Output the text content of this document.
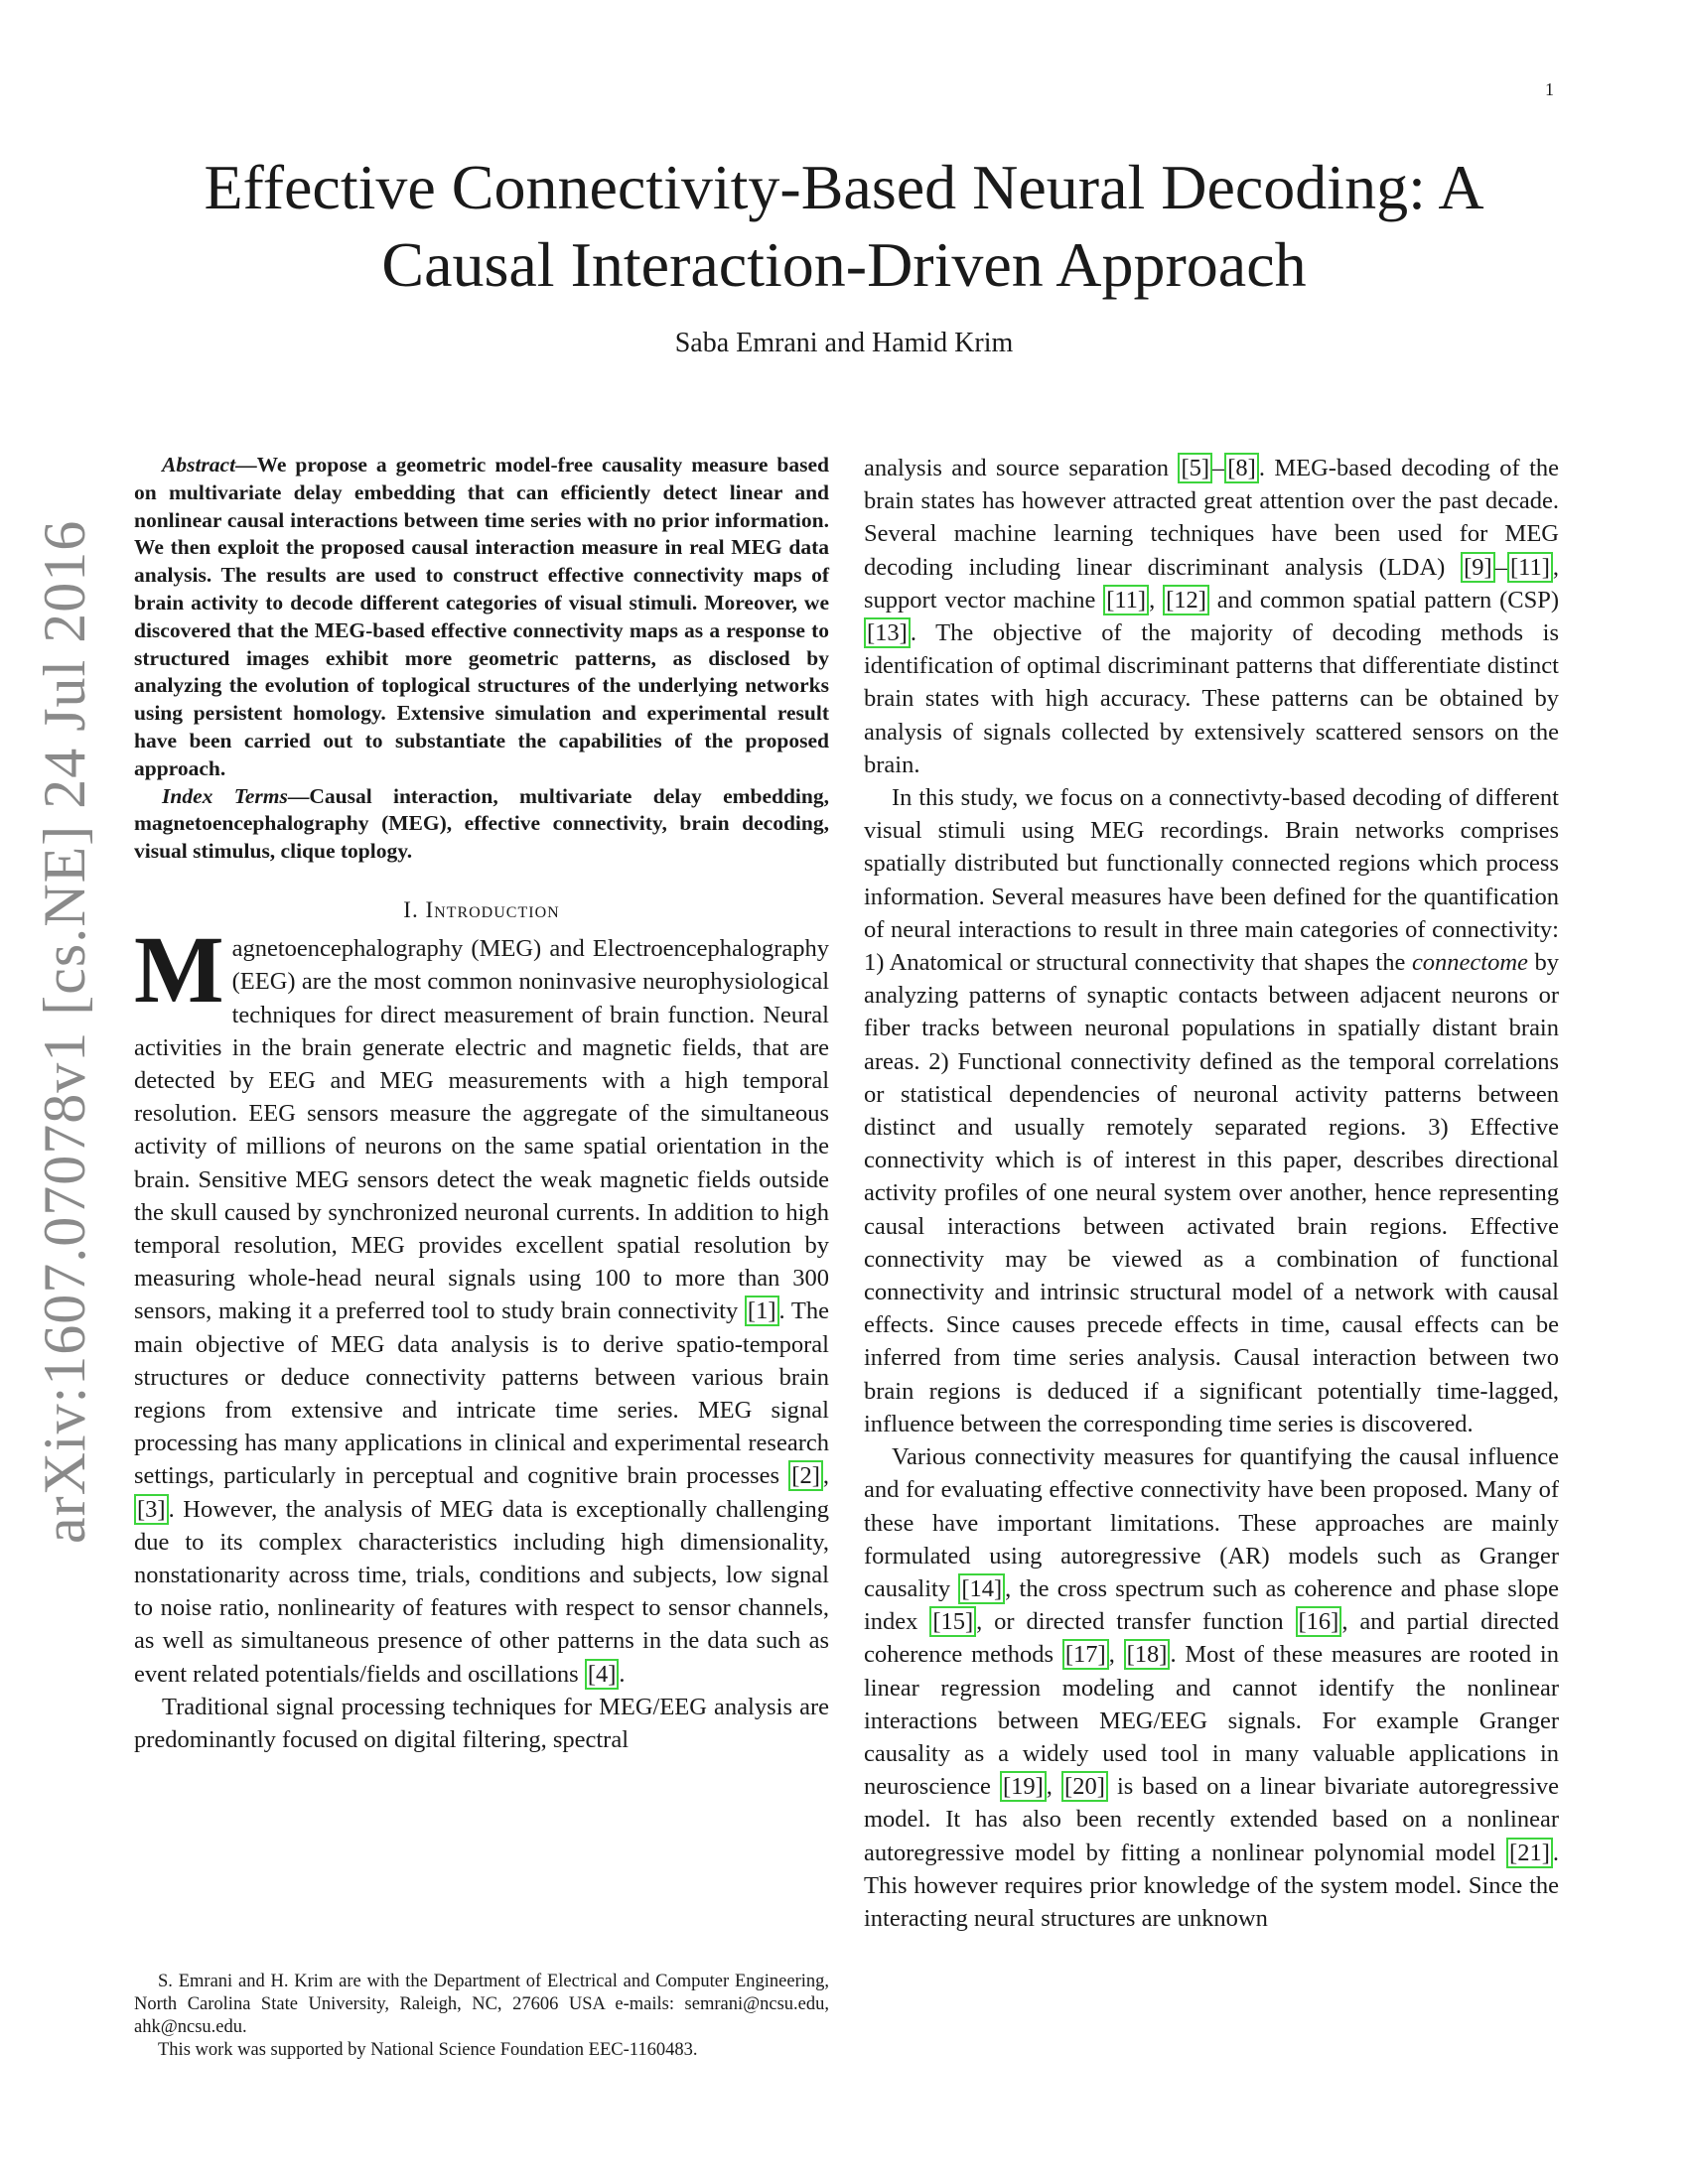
1
arXiv:1607.07078v1 [cs.NE] 24 Jul 2016
Effective Connectivity-Based Neural Decoding: A
Causal Interaction-Driven Approach
Saba Emrani and Hamid Krim

Abstract—We propose a geometric model-free causality measure based on multivariate delay embedding that can efficiently detect linear and nonlinear causal interactions between time series with no prior information. We then exploit the proposed causal interaction measure in real MEG data analysis. The results are used to construct effective connectivity maps of brain activity to decode different categories of visual stimuli. Moreover, we discovered that the MEG-based effective connectivity maps as a response to structured images exhibit more geometric patterns, as disclosed by analyzing the evolution of toplogical structures of the underlying networks using persistent homology. Extensive simulation and experimental result have been carried out to substantiate the capabilities of the proposed approach.

Index Terms—Causal interaction, multivariate delay embedding, magnetoencephalography (MEG), effective connectivity, brain decoding, visual stimulus, clique toplogy.

I. Introduction

Magnetoencephalography (MEG) and Electroencephalography (EEG) are the most common noninvasive neurophysiological techniques for direct measurement of brain function. Neural activities in the brain generate electric and magnetic fields, that are detected by EEG and MEG measurements with a high temporal resolution. EEG sensors measure the aggregate of the simultaneous activity of millions of neurons on the same spatial orientation in the brain. Sensitive MEG sensors detect the weak magnetic fields outside the skull caused by synchronized neuronal currents. In addition to high temporal resolution, MEG provides excellent spatial resolution by measuring whole-head neural signals using 100 to more than 300 sensors, making it a preferred tool to study brain connectivity [1] . The main objective of MEG data analysis is to derive spatio-temporal structures or deduce connectivity patterns between various brain regions from extensive and intricate time series. MEG signal processing has many applications in clinical and experimental research settings, particularly in perceptual and cognitive brain processes [2] , [3] . However, the analysis of MEG data is exceptionally challenging due to its complex characteristics including high dimensionality, nonstationarity across time, trials, conditions and subjects, low signal to noise ratio, nonlinearity of features with respect to sensor channels, as well as simultaneous presence of other patterns in the data such as event related potentials/fields and oscillations [4] .

Traditional signal processing techniques for MEG/EEG analysis are predominantly focused on digital filtering, spectral

S. Emrani and H. Krim are with the Department of Electrical and Computer Engineering, North Carolina State University, Raleigh, NC, 27606 USA e-mails: semrani@ncsu.edu, ahk@ncsu.edu.

This work was supported by National Science Foundation EEC-1160483.

analysis and source separation [5] – [8] . MEG-based decoding of the brain states has however attracted great attention over the past decade. Several machine learning techniques have been used for MEG decoding including linear discriminant analysis (LDA) [9] – [11] , support vector machine [11] , [12] and common spatial pattern (CSP) [13] . The objective of the majority of decoding methods is identification of optimal discriminant patterns that differentiate distinct brain states with high accuracy. These patterns can be obtained by analysis of signals collected by extensively scattered sensors on the brain.

In this study, we focus on a connectivty-based decoding of different visual stimuli using MEG recordings. Brain networks comprises spatially distributed but functionally connected regions which process information. Several measures have been defined for the quantification of neural interactions to result in three main categories of connectivity: 1) Anatomical or structural connectivity that shapes the connectome by analyzing patterns of synaptic contacts between adjacent neurons or fiber tracks between neuronal populations in spatially distant brain areas. 2) Functional connectivity defined as the temporal correlations or statistical dependencies of neuronal activity patterns between distinct and usually remotely separated regions. 3) Effective connectivity which is of interest in this paper, describes directional activity profiles of one neural system over another, hence representing causal interactions between activated brain regions. Effective connectivity may be viewed as a combination of functional connectivity and intrinsic structural model of a network with causal effects. Since causes precede effects in time, causal effects can be inferred from time series analysis. Causal interaction between two brain regions is deduced if a significant potentially time-lagged, influence between the corresponding time series is discovered.

Various connectivity measures for quantifying the causal influence and for evaluating effective connectivity have been proposed. Many of these have important limitations. These approaches are mainly formulated using autoregressive (AR) models such as Granger causality [14] , the cross spectrum such as coherence and phase slope index [15] , or directed transfer function [16] , and partial directed coherence methods [17] , [18] . Most of these measures are rooted in linear regression modeling and cannot identify the nonlinear interactions between MEG/EEG signals. For example Granger causality as a widely used tool in many valuable applications in neuroscience [19] , [20] is based on a linear bivariate autoregressive model. It has also been recently extended based on a nonlinear autoregressive model by fitting a nonlinear polynomial model [21] . This however requires prior knowledge of the system model. Since the interacting neural structures are unknown
